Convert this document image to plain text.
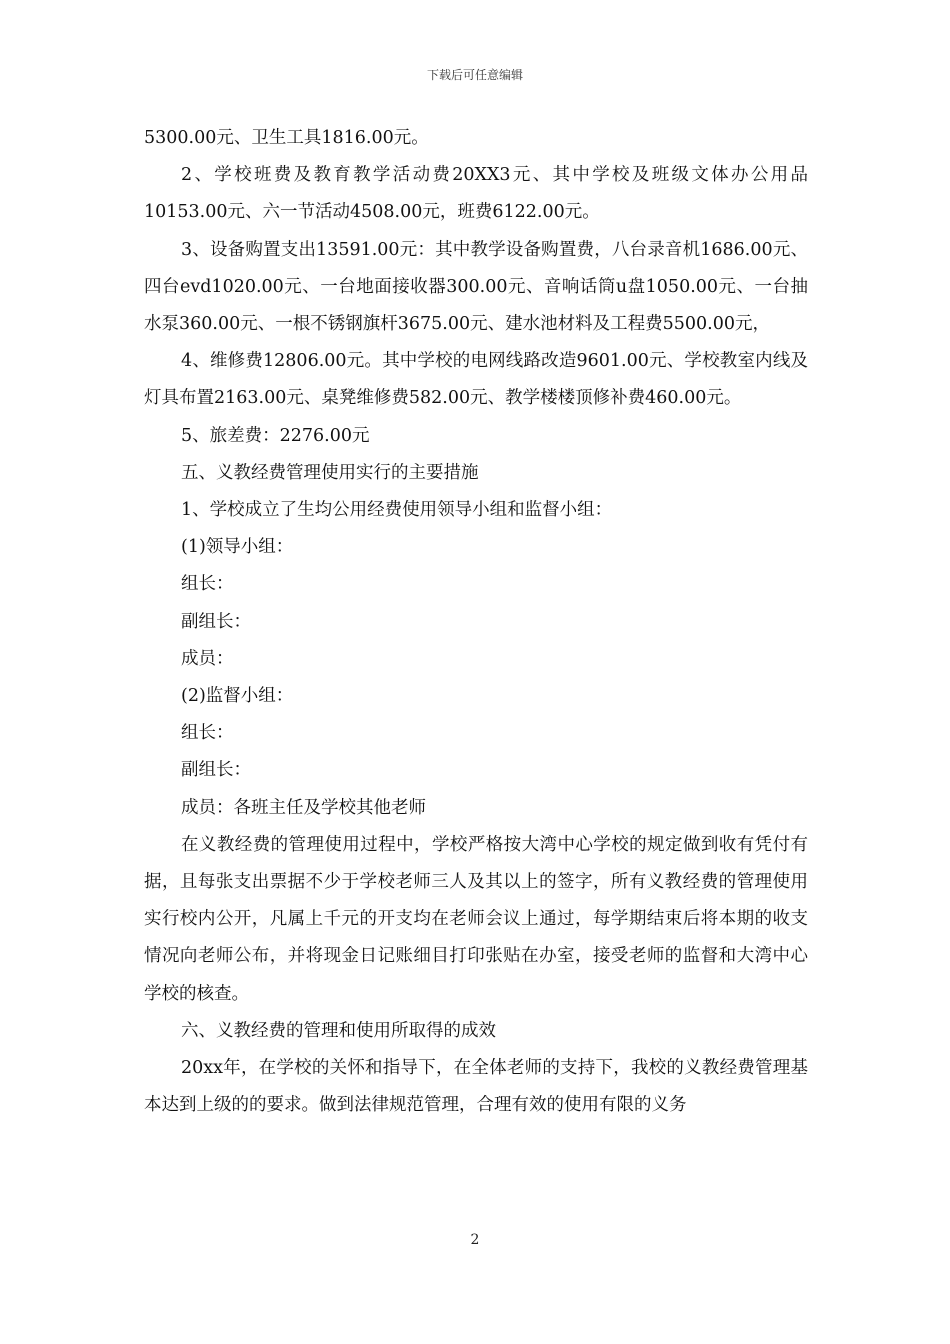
下载后可任意编辑

5300.00元、卫生工具1816.00元。

2、学校班费及教育教学活动费20XX3元、其中学校及班级文体办公用品10153.00元、六一节活动4508.00元，班费6122.00元。

3、设备购置支出13591.00元：其中教学设备购置费，八台录音机1686.00元、四台evd1020.00元、一台地面接收器300.00元、音响话筒u盘1050.00元、一台抽水泵360.00元、一根不锈钢旗杆3675.00元、建水池材料及工程费5500.00元，

4、维修费12806.00元。其中学校的电网线路改造9601.00元、学校教室内线及灯具布置2163.00元、桌凳维修费582.00元、教学楼楼顶修补费460.00元。

5、旅差费：2276.00元

五、义教经费管理使用实行的主要措施

1、学校成立了生均公用经费使用领导小组和监督小组：

(1)领导小组：

组长：

副组长：

成员：

(2)监督小组：

组长：

副组长：

成员：各班主任及学校其他老师

在义教经费的管理使用过程中，学校严格按大湾中心学校的规定做到收有凭付有据，且每张支出票据不少于学校老师三人及其以上的签字，所有义教经费的管理使用实行校内公开，凡属上千元的开支均在老师会议上通过，每学期结束后将本期的收支情况向老师公布，并将现金日记账细目打印张贴在办室，接受老师的监督和大湾中心学校的核查。

六、义教经费的管理和使用所取得的成效

20xx年，在学校的关怀和指导下，在全体老师的支持下，我校的义教经费管理基本达到上级的的要求。做到法律规范管理，合理有效的使用有限的义务

2
